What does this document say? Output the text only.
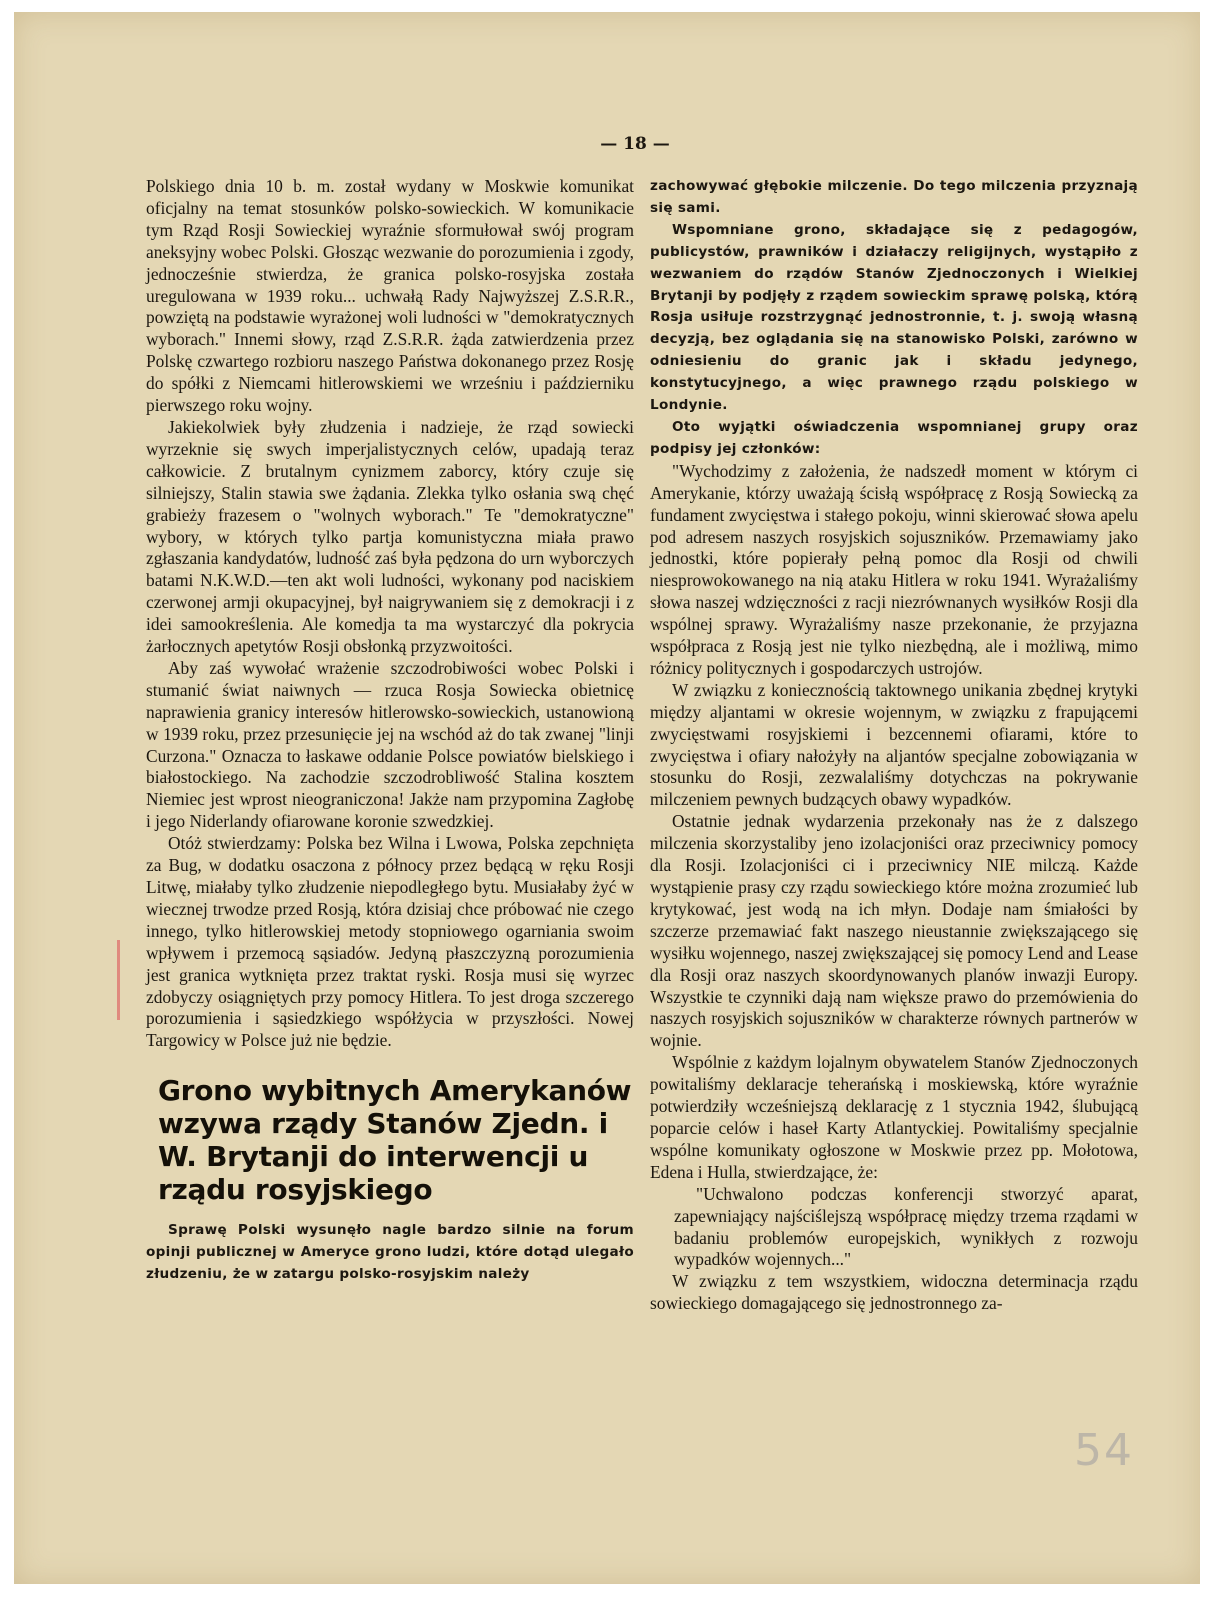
— 18 —

Polskiego dnia 10 b. m. został wydany w Moskwie komunikat oficjalny na temat stosunków polsko-sowieckich. W komunikacie tym Rząd Rosji Sowieckiej wyraźnie sformułował swój program aneksyjny wobec Polski. Głosząc wezwanie do porozumienia i zgody, jednocześnie stwierdza, że granica polsko-rosyjska została uregulowana w 1939 roku... uchwałą Rady Najwyższej Z.S.R.R., powziętą na podstawie wyrażonej woli ludności w "demokratycznych wyborach." Innemi słowy, rząd Z.S.R.R. żąda zatwierdzenia przez Polskę czwartego rozbioru naszego Państwa dokonanego przez Rosję do spółki z Niemcami hitlerowskiemi we wrześniu i październiku pierwszego roku wojny.

Jakiekolwiek były złudzenia i nadzieje, że rząd sowiecki wyrzeknie się swych imperjalistycznych celów, upadają teraz całkowicie. Z brutalnym cynizmem zaborcy, który czuje się silniejszy, Stalin stawia swe żądania. Zlekka tylko osłania swą chęć grabieży frazesem o "wolnych wyborach." Te "demokratyczne" wybory, w których tylko partja komunistyczna miała prawo zgłaszania kandydatów, ludność zaś była pędzona do urn wyborczych batami N.K.W.D.—ten akt woli ludności, wykonany pod naciskiem czerwonej armji okupacyjnej, był naigrywaniem się z demokracji i z idei samookreślenia. Ale komedja ta ma wystarczyć dla pokrycia żarłocznych apetytów Rosji obsłonką przyzwoitości.

Aby zaś wywołać wrażenie szczodrobiwości wobec Polski i stumanić świat naiwnych — rzuca Rosja Sowiecka obietnicę naprawienia granicy interesów hitlerowsko-sowieckich, ustanowioną w 1939 roku, przez przesunięcie jej na wschód aż do tak zwanej "linji Curzona." Oznacza to łaskawe oddanie Polsce powiatów bielskiego i białostockiego. Na zachodzie szczodrobliwość Stalina kosztem Niemiec jest wprost nieograniczona! Jakże nam przypomina Zagłobę i jego Niderlandy ofiarowane koronie szwedzkiej.

Otóż stwierdzamy: Polska bez Wilna i Lwowa, Polska zepchnięta za Bug, w dodatku osaczona z północy przez będącą w ręku Rosji Litwę, miałaby tylko złudzenie niepodległego bytu. Musiałaby żyć w wiecznej trwodze przed Rosją, która dzisiaj chce próbować nie czego innego, tylko hitlerowskiej metody stopniowego ogarniania swoim wpływem i przemocą sąsiadów. Jedyną płaszczyzną porozumienia jest granica wytknięta przez traktat ryski. Rosja musi się wyrzec zdobyczy osiągniętych przy pomocy Hitlera. To jest droga szczerego porozumienia i sąsiedzkiego współżycia w przyszłości. Nowej Targowicy w Polsce już nie będzie.

Grono wybitnych Amerykanów wzywa rządy Stanów Zjedn. i W. Brytanji do interwencji u rządu rosyjskiego

Sprawę Polski wysunęło nagle bardzo silnie na forum opinji publicznej w Ameryce grono ludzi, które dotąd ulegało złudzeniu, że w zatargu polsko-rosyjskim należy

zachowywać głębokie milczenie. Do tego milczenia przyznają się sami.

Wspomniane grono, składające się z pedagogów, publicystów, prawników i działaczy religijnych, wystąpiło z wezwaniem do rządów Stanów Zjednoczonych i Wielkiej Brytanji by podjęły z rządem sowieckim sprawę polską, którą Rosja usiłuje rozstrzygnąć jednostronnie, t. j. swoją własną decyzją, bez oglądania się na stanowisko Polski, zarówno w odniesieniu do granic jak i składu jedynego, konstytucyjnego, a więc prawnego rządu polskiego w Londynie.

Oto wyjątki oświadczenia wspomnianej grupy oraz podpisy jej członków:

"Wychodzimy z założenia, że nadszedł moment w którym ci Amerykanie, którzy uważają ścisłą współpracę z Rosją Sowiecką za fundament zwycięstwa i stałego pokoju, winni skierować słowa apelu pod adresem naszych rosyjskich sojuszników. Przemawiamy jako jednostki, które popierały pełną pomoc dla Rosji od chwili niesprowokowanego na nią ataku Hitlera w roku 1941. Wyrażaliśmy słowa naszej wdzięczności z racji niezrównanych wysiłków Rosji dla wspólnej sprawy. Wyrażaliśmy nasze przekonanie, że przyjazna współpraca z Rosją jest nie tylko niezbędną, ale i możliwą, mimo różnicy politycznych i gospodarczych ustrojów.

W związku z koniecznością taktownego unikania zbędnej krytyki między aljantami w okresie wojennym, w związku z frapującemi zwycięstwami rosyjskiemi i bezcennemi ofiarami, które to zwycięstwa i ofiary nałożyły na aljantów specjalne zobowiązania w stosunku do Rosji, zezwalaliśmy dotychczas na pokrywanie milczeniem pewnych budzących obawy wypadków.

Ostatnie jednak wydarzenia przekonały nas że z dalszego milczenia skorzystaliby jeno izolacjoniści oraz przeciwnicy pomocy dla Rosji. Izolacjoniści ci i przeciwnicy NIE milczą. Każde wystąpienie prasy czy rządu sowieckiego które można zrozumieć lub krytykować, jest wodą na ich młyn. Dodaje nam śmiałości by szczerze przemawiać fakt naszego nieustannie zwiększającego się wysiłku wojennego, naszej zwiększającej się pomocy Lend and Lease dla Rosji oraz naszych skoordynowanych planów inwazji Europy. Wszystkie te czynniki dają nam większe prawo do przemówienia do naszych rosyjskich sojuszników w charakterze równych partnerów w wojnie.

Wspólnie z każdym lojalnym obywatelem Stanów Zjednoczonych powitaliśmy deklaracje teherańską i moskiewską, które wyraźnie potwierdziły wcześniejszą deklarację z 1 stycznia 1942, ślubującą poparcie celów i haseł Karty Atlantyckiej. Powitaliśmy specjalnie wspólne komunikaty ogłoszone w Moskwie przez pp. Mołotowa, Edena i Hulla, stwierdzające, że:

"Uchwalono podczas konferencji stworzyć aparat, zapewniający najściślejszą współpracę między trzema rządami w badaniu problemów europejskich, wynikłych z rozwoju wypadków wojennych..."

W związku z tem wszystkiem, widoczna determinacja rządu sowieckiego domagającego się jednostronnego za-

54
